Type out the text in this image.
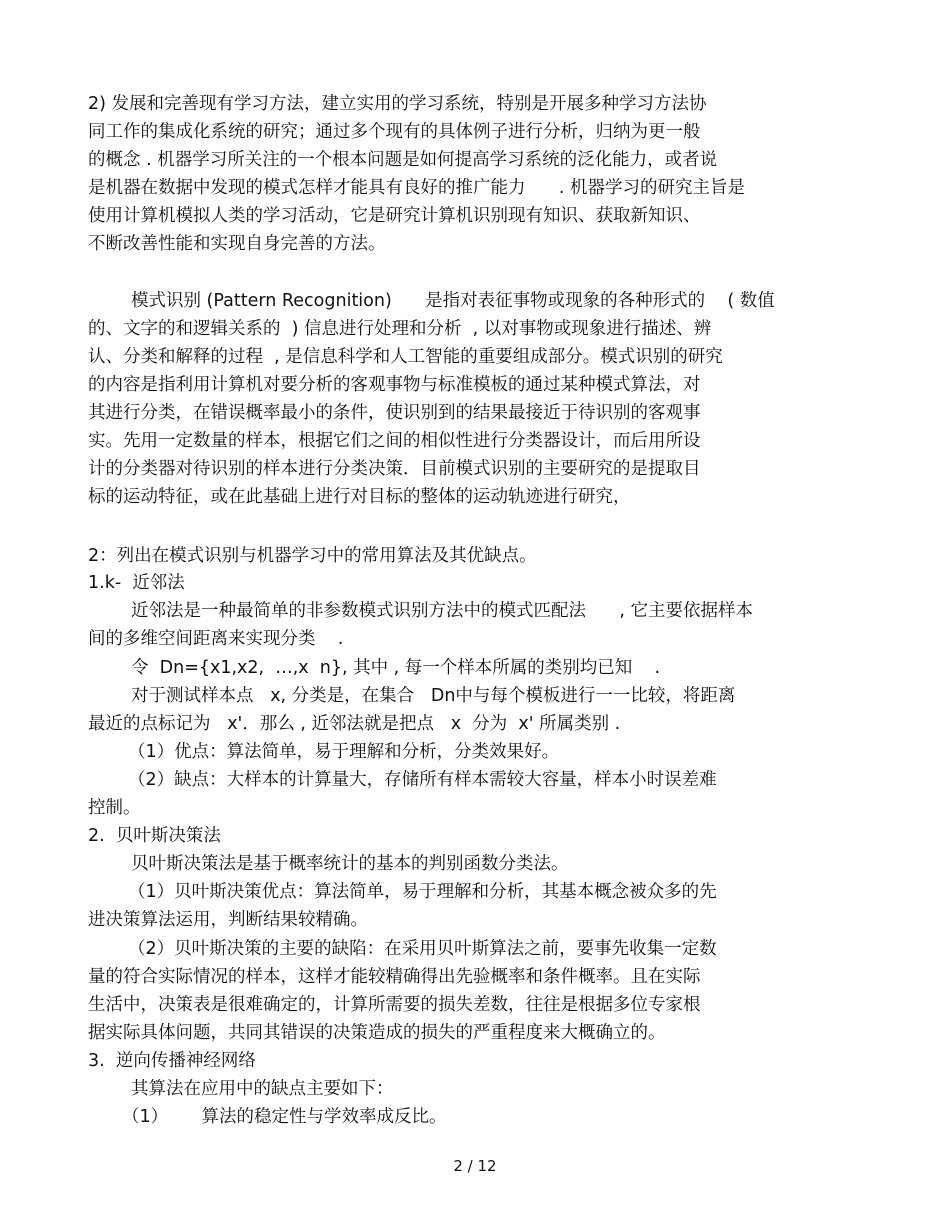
2) 发展和完善现有学习方法，建立实用的学习系统，特别是开展多种学习方法协
同工作的集成化系统的研究；通过多个现有的具体例子进行分析，归纳为更一般
的概念 . 机器学习所关注的一个根本问题是如何提高学习系统的泛化能力，或者说
是机器在数据中发现的模式怎样才能具有良好的推广能力      . 机器学习的研究主旨是
使用计算机模拟人类的学习活动，它是研究计算机识别现有知识、获取新知识、
不断改善性能和实现自身完善的方法。
模式识别 (Pattern Recognition)      是指对表征事物或现象的各种形式的    ( 数值
的、文字的和逻辑关系的  ) 信息进行处理和分析  , 以对事物或现象进行描述、辨
认、分类和解释的过程  , 是信息科学和人工智能的重要组成部分。模式识别的研究
的内容是指利用计算机对要分析的客观事物与标准模板的通过某种模式算法，对
其进行分类，在错误概率最小的条件，使识别到的结果最接近于待识别的客观事
实。先用一定数量的样本，根据它们之间的相似性进行分类器设计，而后用所设
计的分类器对待识别的样本进行分类决策．目前模式识别的主要研究的是提取目
标的运动特征，或在此基础上进行对目标的整体的运动轨迹进行研究，
2：列出在模式识别与机器学习中的常用算法及其优缺点。
1.k-  近邻法
近邻法是一种最简单的非参数模式识别方法中的模式匹配法      , 它主要依据样本
间的多维空间距离来实现分类    .
令  Dn={x1,x2,  …,x  n}, 其中 , 每一个样本所属的类别均已知    .
对于测试样本点   x, 分类是，在集合   Dn中与每个模板进行一一比较，将距离
最近的点标记为   x'．那么 , 近邻法就是把点   x  分为  x' 所属类别 .
（1）优点：算法简单，易于理解和分析，分类效果好。
（2）缺点：大样本的计算量大，存储所有样本需较大容量，样本小时误差难
控制。
2.  贝叶斯决策法
贝叶斯决策法是基于概率统计的基本的判别函数分类法。
（1）贝叶斯决策优点：算法简单，易于理解和分析，其基本概念被众多的先
进决策算法运用，判断结果较精确。
（2）贝叶斯决策的主要的缺陷：在采用贝叶斯算法之前，要事先收集一定数
量的符合实际情况的样本，这样才能较精确得出先验概率和条件概率。且在实际
生活中，决策表是很难确定的，计算所需要的损失差数，往往是根据多位专家根
据实际具体问题，共同其错误的决策造成的损失的严重程度来大概确立的。
3.  逆向传播神经网络
其算法在应用中的缺点主要如下：
（1）      算法的稳定性与学效率成反比。
2 / 12
